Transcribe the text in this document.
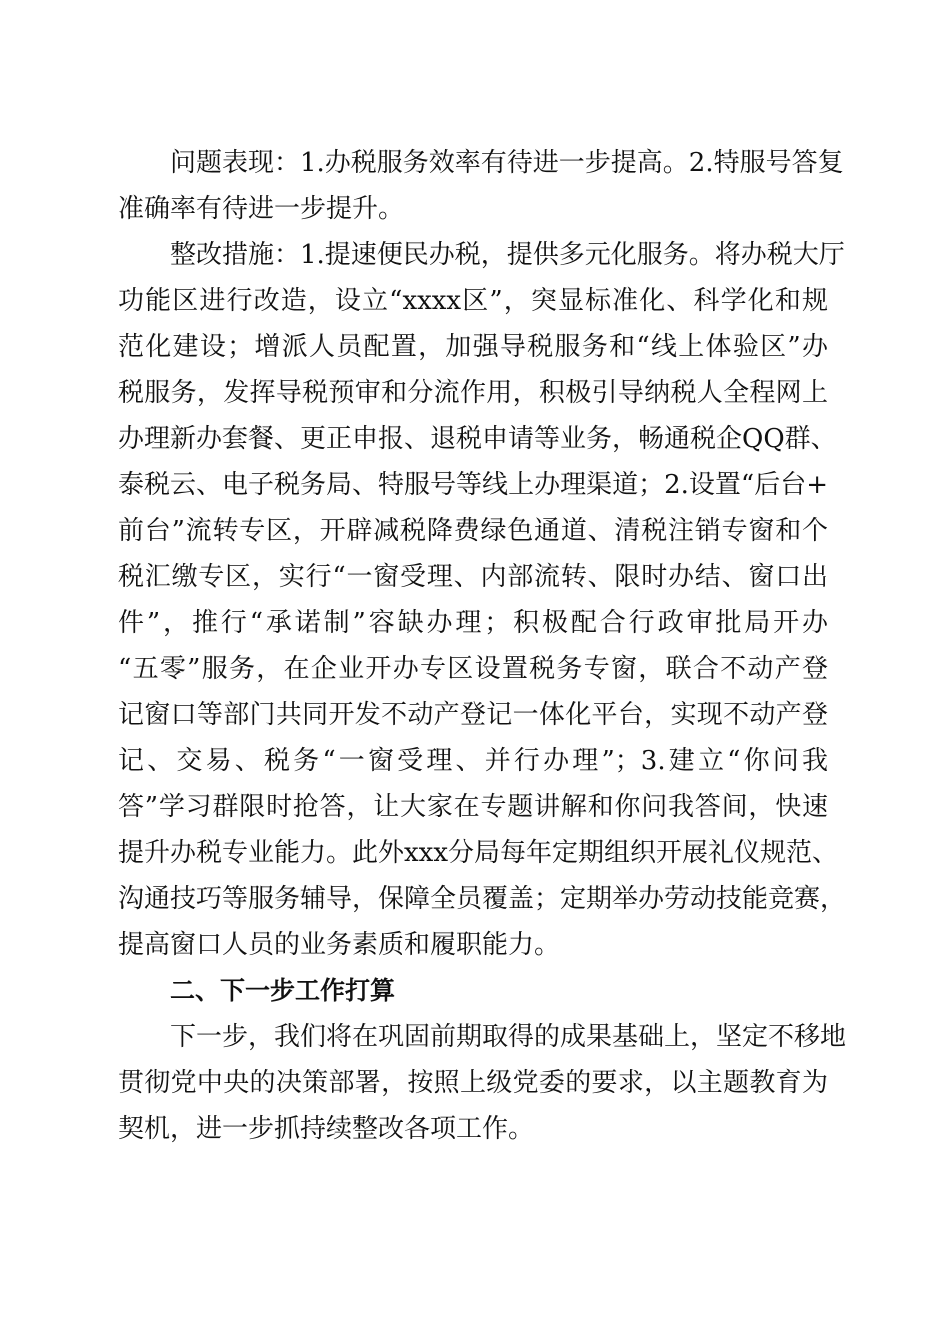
问题表现：1.办税服务效率有待进一步提高。2.特服号答复

准确率有待进一步提升。

整改措施：1.提速便民办税，提供多元化服务。将办税大厅

功能区进行改造，设立“xxxx区”，突显标准化、科学化和规

范化建设；增派人员配置，加强导税服务和“线上体验区”办

税服务，发挥导税预审和分流作用，积极引导纳税人全程网上

办理新办套餐、更正申报、退税申请等业务，畅通税企QQ群、

泰税云、电子税务局、特服号等线上办理渠道；2.设置“后台+

前台”流转专区，开辟减税降费绿色通道、清税注销专窗和个

税汇缴专区，实行“一窗受理、内部流转、限时办结、窗口出

件”，推行“承诺制”容缺办理；积极配合行政审批局开办

“五零”服务，在企业开办专区设置税务专窗，联合不动产登

记窗口等部门共同开发不动产登记一体化平台，实现不动产登

记、交易、税务“一窗受理、并行办理”；3.建立“你问我

答”学习群限时抢答，让大家在专题讲解和你问我答间，快速

提升办税专业能力。此外xxx分局每年定期组织开展礼仪规范、

沟通技巧等服务辅导，保障全员覆盖；定期举办劳动技能竞赛，

提高窗口人员的业务素质和履职能力。

二、下一步工作打算

下一步，我们将在巩固前期取得的成果基础上，坚定不移地

贯彻党中央的决策部署，按照上级党委的要求，以主题教育为

契机，进一步抓持续整改各项工作。
